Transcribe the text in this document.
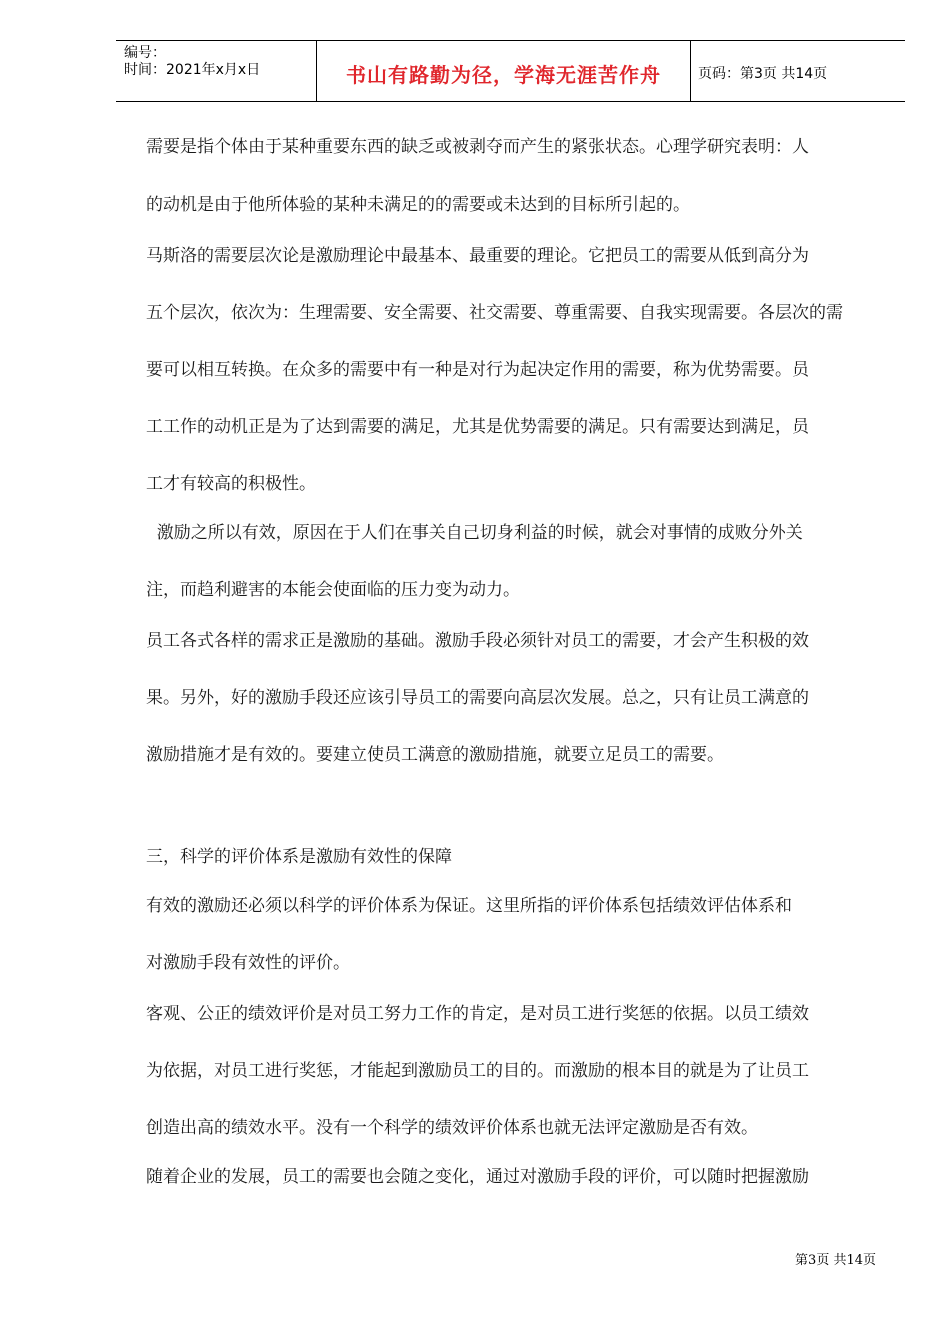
编号：
时间：2021年x月x日	书山有路勤为径，学海无涯苦作舟	页码：第3页 共14页
需要是指个体由于某种重要东西的缺乏或被剥夺而产生的紧张状态。心理学研究表明：人
的动机是由于他所体验的某种未满足的的需要或未达到的目标所引起的。
马斯洛的需要层次论是激励理论中最基本、最重要的理论。它把员工的需要从低到高分为
五个层次，依次为：生理需要、安全需要、社交需要、尊重需要、自我实现需要。各层次的需
要可以相互转换。在众多的需要中有一种是对行为起决定作用的需要，称为优势需要。员
工工作的动机正是为了达到需要的满足，尤其是优势需要的满足。只有需要达到满足，员
工才有较高的积极性。
激励之所以有效，原因在于人们在事关自己切身利益的时候，就会对事情的成败分外关
注，而趋利避害的本能会使面临的压力变为动力。
员工各式各样的需求正是激励的基础。激励手段必须针对员工的需要，才会产生积极的效
果。另外，好的激励手段还应该引导员工的需要向高层次发展。总之，只有让员工满意的
激励措施才是有效的。要建立使员工满意的激励措施，就要立足员工的需要。
三，科学的评价体系是激励有效性的保障
有效的激励还必须以科学的评价体系为保证。这里所指的评价体系包括绩效评估体系和
对激励手段有效性的评价。
客观、公正的绩效评价是对员工努力工作的肯定，是对员工进行奖惩的依据。以员工绩效
为依据，对员工进行奖惩，才能起到激励员工的目的。而激励的根本目的就是为了让员工
创造出高的绩效水平。没有一个科学的绩效评价体系也就无法评定激励是否有效。
随着企业的发展，员工的需要也会随之变化，通过对激励手段的评价，可以随时把握激励
第3页 共14页
